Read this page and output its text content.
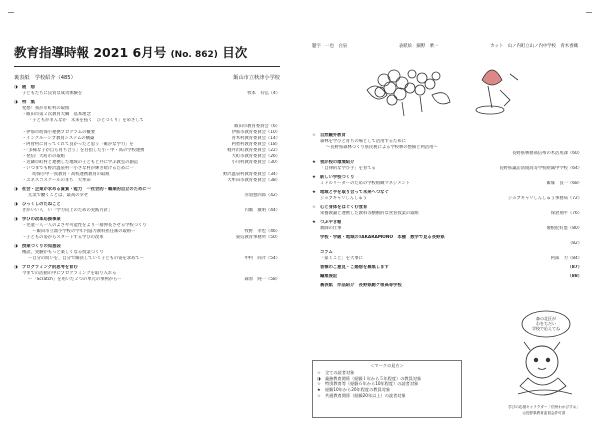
教育指導時報 2021 6月号 (No. 862) 目次
裏表紙　学校紹介（485）	飯山市立秋津小学校
◑ 随　想
子どもたちに良質な成功体験を	牧本　有弘（4）
◑ 特　集
発想！我が市町村の取組
・飯田市第２次教育大綱　基本理念
「子どもがまんなか　未来を拓く　ひとづくり」をめざして
飯田市教育委員会（6）
・伊那市幼保小連携プログラムの概要	伊那市教育委員会（10）
・インクルーシブ教育システムの構築	青木村教育委員会（14）
・阿智村に育ってくれて良かったと思う「確かな学力」を	阿智村教育委員会（18）
・「多様な子が自ら育ち合う」を目指した小・中・高の学校連携	軽井沢町教育委員会（22）
・発信！大町市の取組	大町市教育委員会（26）
・近隣市町村と連携した地域の子どもと共に学ぶ教室の創造	小川村教育委員会（30）
・いつまでも野沢温泉村一小さな村が輝き続けるために一
　幼保小中一貫教育・高校連携教育の取組	野沢温泉村教育委員会（34）
・ユネスコスクールのまち　大牟田	大牟田市教育委員会（38）
◑ 社会・企業が求める資質・能力　一社会的・職業的自立のために一
元気で働くことは、最高の幸せ	赤羽惣四郎（42）
◑ ひっくしのたねごと
ぎがいい人　い「学力向上のための実践方針」	内堀　敏明（44）
◑ 学びの改革応援事業
・児童一人一人のよさや可能性をより一層伸長させる学校づくり
　ー飯田市立鼎小学校の学年内協力教科担任制の取組ー	牧野　孝也（46）
・子どもの姿からスタートする学びの改革	東信教育事務所（50）
◑ 授業づくりの知恵袋
精読、実験がもっと楽しくなる授業づくり
ー自分の問いを、自分で解決していく子どもの姿を求めてー	中村　尚介（54）
◑ プログラミング的思考を育む
今までの活動の中にプログラミングを取り入れる
ー「Scratch」を用いた２つの単元の事例からー	森原　純一（58）
題字　一也　白泉	表紙絵　細野　乗一	カット　山ノ内町立山ノ内中学校　青木香織
☆ 自然観外教育
森林を学びと育ちの場として活用するために
〜長野県森林づくり県民税による学校林の整備と利活用〜
長野県林務部信州の木活用課（60）
★ 我が校の環境紹介
「自律的な学び手」を育てる	長野県諏訪清陵高等学校附属中学校（64）
★ 新しい学校づくり
ミドルリーダーのための学校組織マネジメント	飯塚　良一（68）
★ 地域と手を取り合って未来へつなぐ
ジョブキャリしんしゅう	ジョブキャリしんしゅう事務局（72）
☆ 心と身体をはぐくむ食育
栄養教諭と連携した教科等横断的な食育授業の取組	保倉翔平（76）
★ つぶやき帳
教師の仕事	俊根紀好恵（80）
学校・学級・地域のTAKARAMONO　本棚　数学で見る長野県
（82）
コラム
「家くこと」を大事に	阿部　力（84）
皆様のご意見・ご感想を募集します	（87）
編集後記	（88）
裏表紙　作品紹介　長野県駒ケ根高等学校
＜マークの見方＞
☆　全ての読者対象
◑　義務教育関係（経験１年から５年程度）の教員対象
☆　特別教育等（経験６年から10年程度）の読者対象
★　経験10年から20年程度の教員対象
☆　共通教育関係（経験20年以上）の読者対象
森の北区が
わをちだい
学校で応えてね
学びの応援キャラクター「信州わかびすお」
◎長野県教育委員会許可済
